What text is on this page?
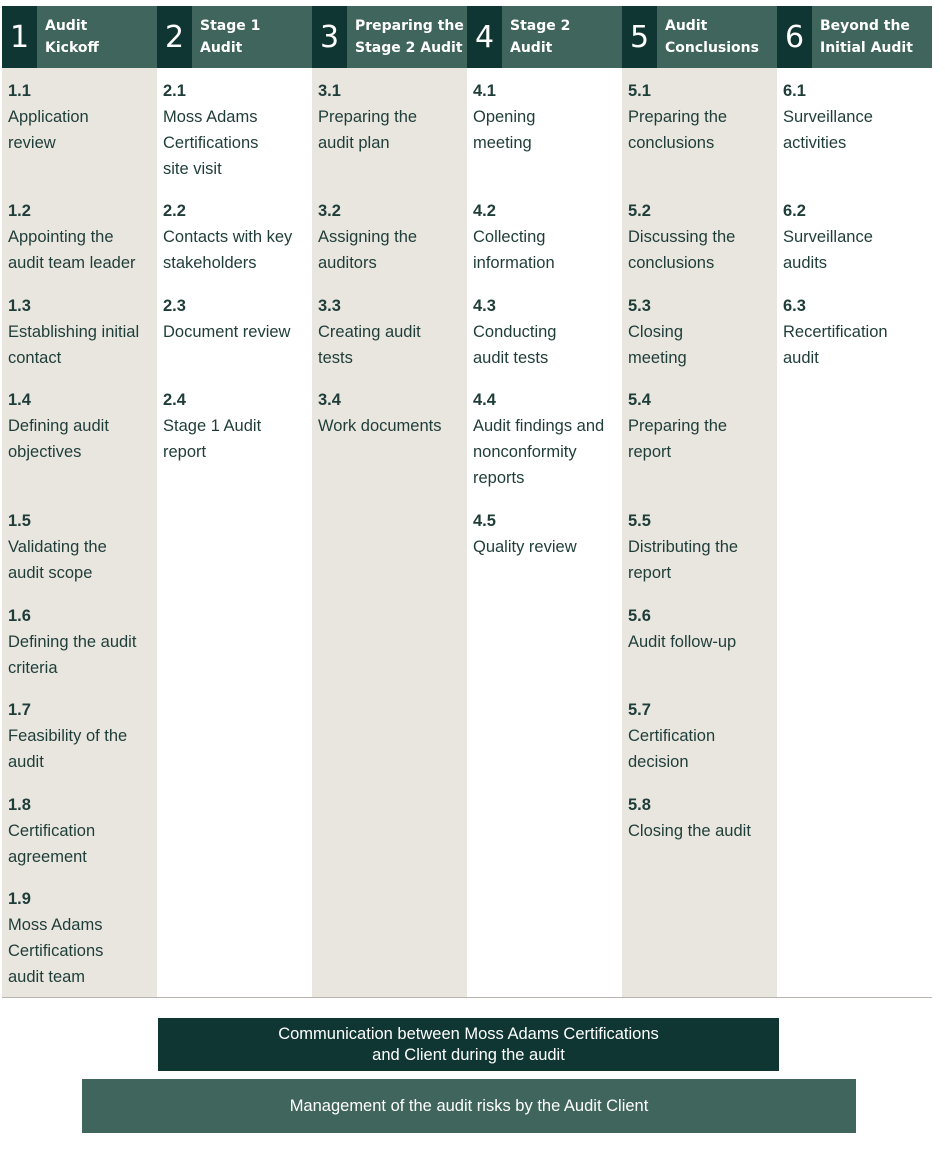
1	Audit
Kickoff
1.1
Application
review
1.2
Appointing the
audit team leader
1.3
Establishing initial
contact
1.4
Defining audit
objectives
1.5
Validating the
audit scope
1.6
Defining the audit
criteria
1.7
Feasibility of the
audit
1.8
Certification
agreement
1.9
Moss Adams
Certifications
audit team
2	Stage 1
Audit
2.1
Moss Adams
Certifications
site visit
2.2
Contacts with key
stakeholders
2.3
Document review
2.4
Stage 1 Audit
report
3	Preparing the
Stage 2 Audit
3.1
Preparing the
audit plan
3.2
Assigning the
auditors
3.3
Creating audit
tests
3.4
Work documents
4	Stage 2
Audit
4.1
Opening
meeting
4.2
Collecting
information
4.3
Conducting
audit tests
4.4
Audit findings and
nonconformity
reports
4.5
Quality review
5	Audit
Conclusions
5.1
Preparing the
conclusions
5.2
Discussing the
conclusions
5.3
Closing
meeting
5.4
Preparing the
report
5.5
Distributing the
report
5.6
Audit follow-up
5.7
Certification
decision
5.8
Closing the audit
6	Beyond the
Initial Audit
6.1
Surveillance
activities
6.2
Surveillance
audits
6.3
Recertification
audit
Communication between Moss Adams Certifications
and Client during the audit
Management of the audit risks by the Audit Client
